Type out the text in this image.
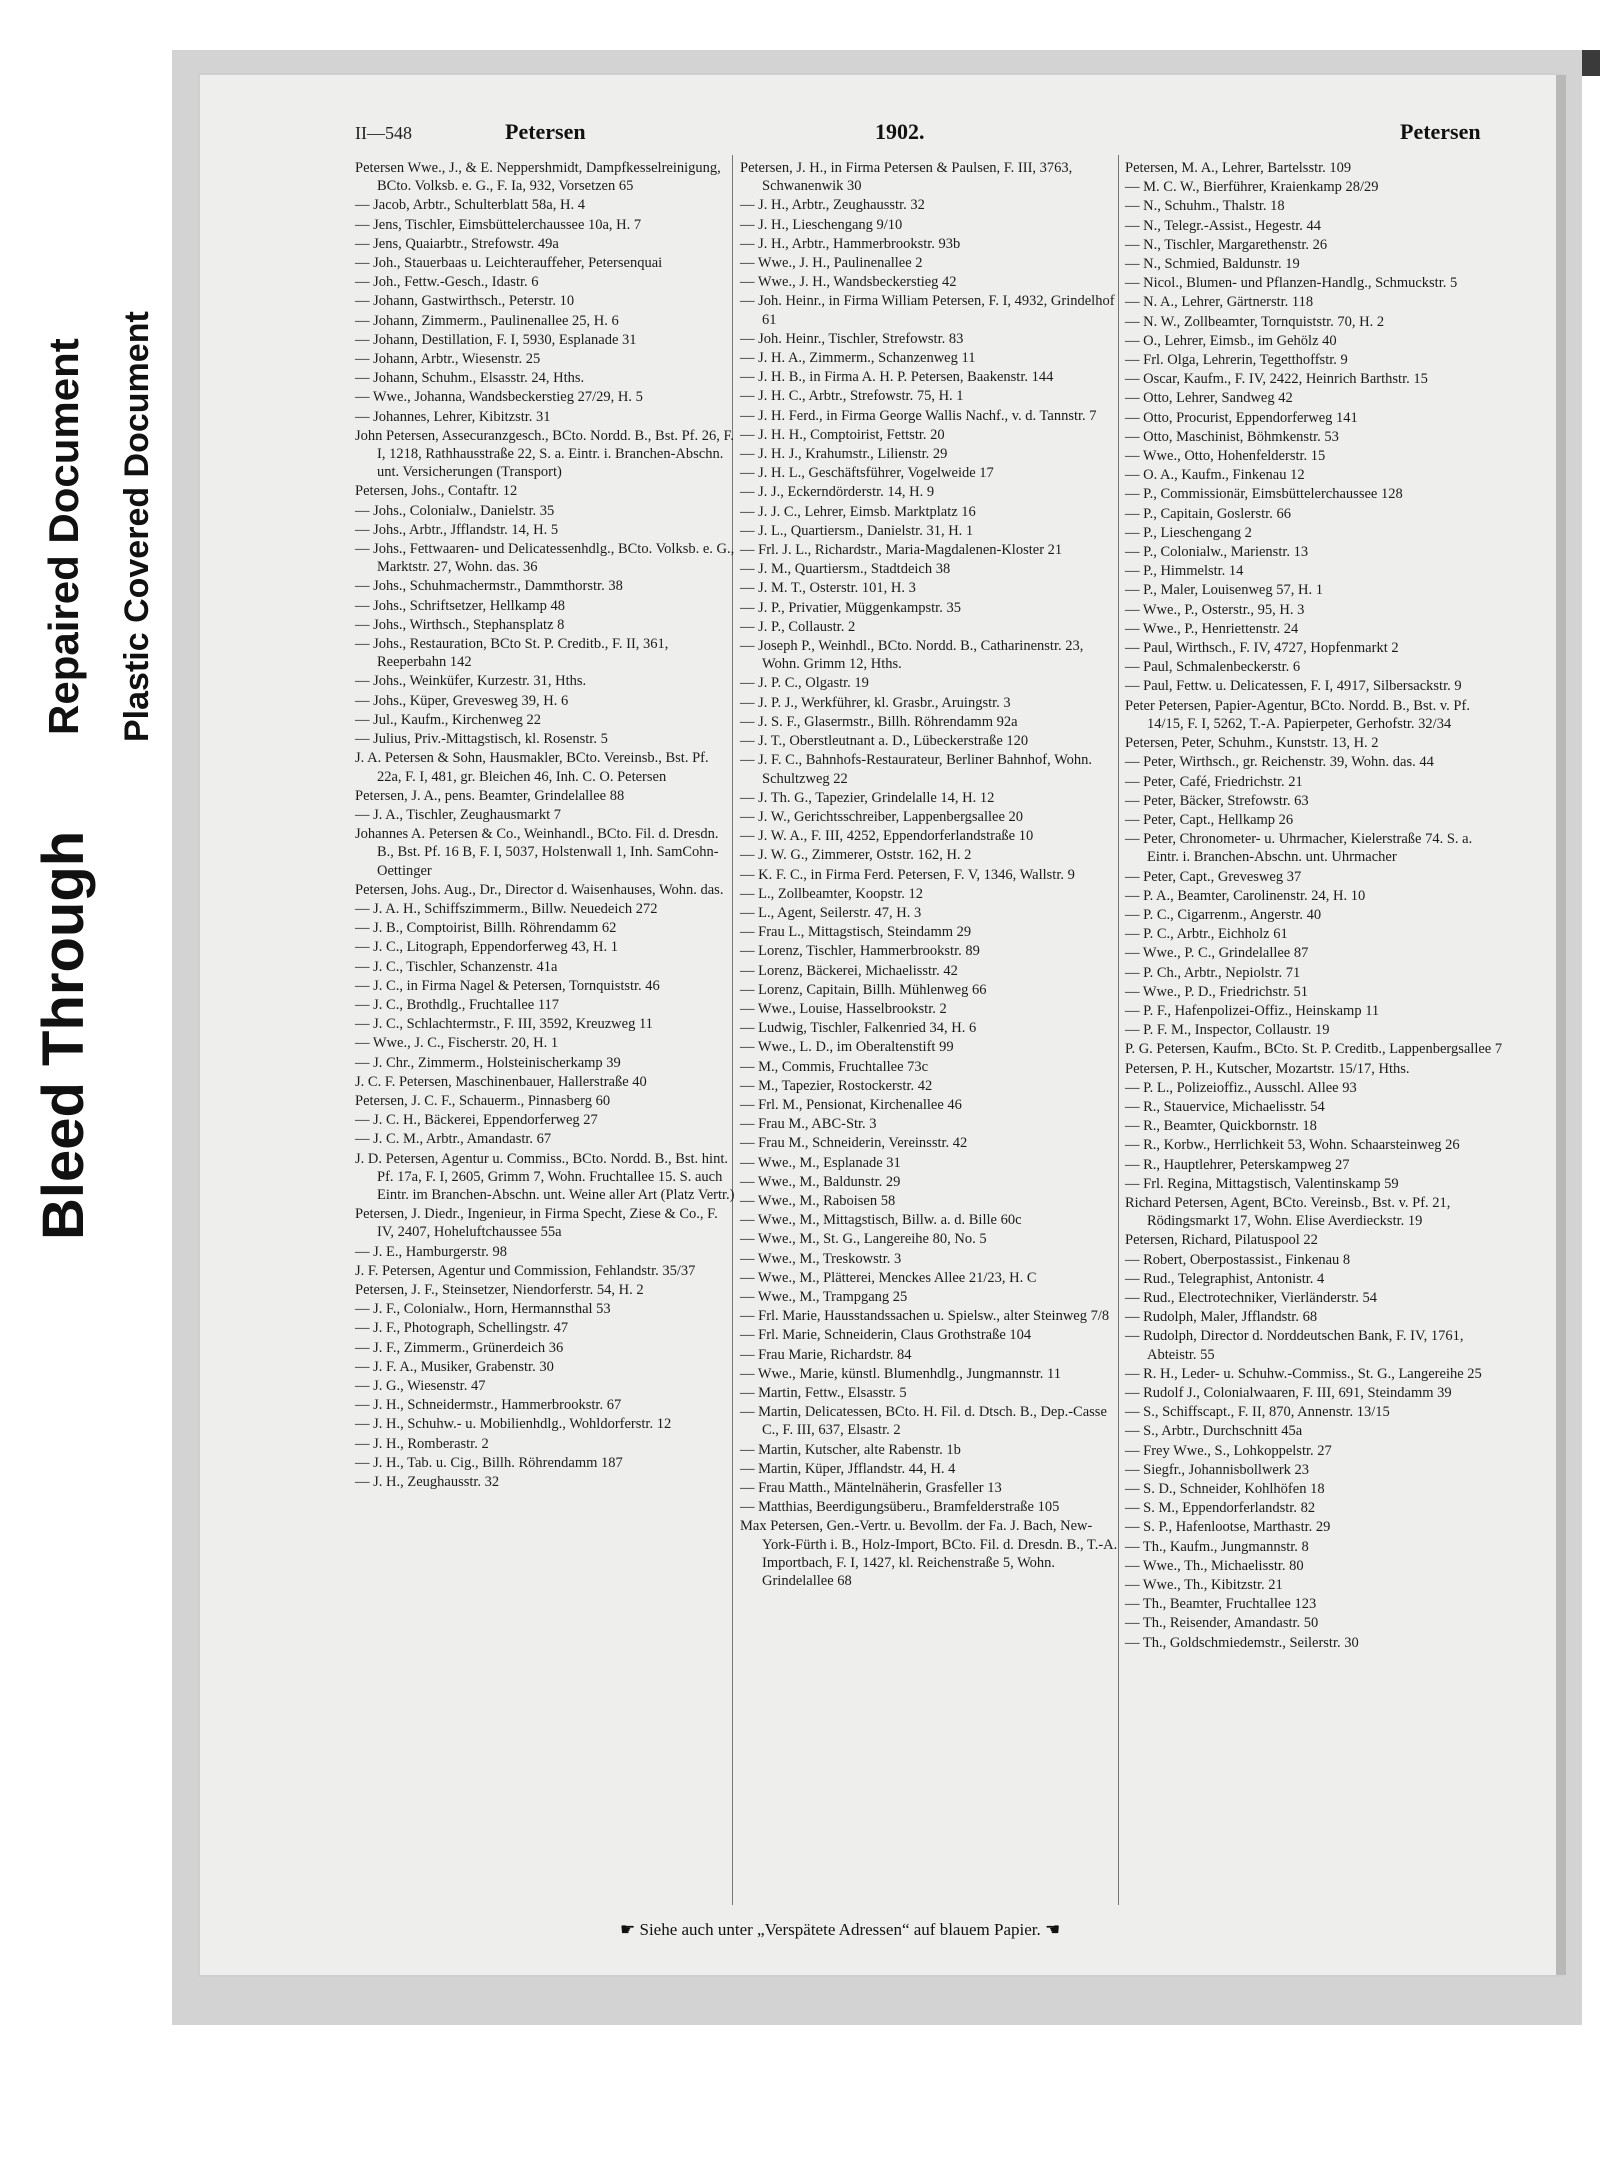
Bleed Through
Repaired Document Plastic Covered Document
II—548	Petersen	1902.	Petersen
Petersen Wwe., J., & E. Neppershmidt, Dampfkesselreinigung, BCto. Volksb. e. G., F. Ia, 932, Vorsetzen 65
— Jacob, Arbtr., Schulterblatt 58a, H. 4
— Jens, Tischler, Eimsbüttelerchaussee 10a, H. 7
— Jens, Quaiarbtr., Strefowstr. 49a
— Joh., Stauerbaas u. Leichterauffeher, Petersenquai
— Joh., Fettw.-Gesch., Idastr. 6
— Johann, Gastwirthsch., Peterstr. 10
— Johann, Zimmerm., Paulinenallee 25, H. 6
— Johann, Destillation, F. I, 5930, Esplanade 31
— Johann, Arbtr., Wiesenstr. 25
— Johann, Schuhm., Elsasstr. 24, Hths.
— Wwe., Johanna, Wandsbeckerstieg 27/29, H. 5
— Johannes, Lehrer, Kibitzstr. 31
John Petersen, Assecuranzgesch., BCto. Nordd. B., Bst. Pf. 26, F. I, 1218, Rathhausstraße 22, S. a. Eintr. i. Branchen-Abschn. unt. Versicherungen (Transport)
Petersen, Johs., Contaftr. 12
— Johs., Colonialw., Danielstr. 35
— Johs., Arbtr., Jfflandstr. 14, H. 5
— Johs., Fettwaaren- und Delicatessenhdlg., BCto. Volksb. e. G., Marktstr. 27, Wohn. das. 36
— Johs., Schuhmachermstr., Dammthorstr. 38
— Johs., Schriftsetzer, Hellkamp 48
— Johs., Wirthsch., Stephansplatz 8
— Johs., Restauration, BCto St. P. Creditb., F. II, 361, Reeperbahn 142
— Johs., Weinküfer, Kurzestr. 31, Hths.
— Johs., Küper, Grevesweg 39, H. 6
— Jul., Kaufm., Kirchenweg 22
— Julius, Priv.-Mittagstisch, kl. Rosenstr. 5
J. A. Petersen & Sohn, Hausmakler, BCto. Vereinsb., Bst. Pf. 22a, F. I, 481, gr. Bleichen 46, Inh. C. O. Petersen
Petersen, J. A., pens. Beamter, Grindelallee 88
— J. A., Tischler, Zeughausmarkt 7
Johannes A. Petersen & Co., Weinhandl., BCto. Fil. d. Dresdn. B., Bst. Pf. 16 B, F. I, 5037, Holstenwall 1, Inh. SamCohn-Oettinger
Petersen, Johs. Aug., Dr., Director d. Waisenhauses, Wohn. das.
— J. A. H., Schiffszimmerm., Billw. Neuedeich 272
— J. B., Comptoirist, Billh. Röhrendamm 62
— J. C., Litograph, Eppendorferweg 43, H. 1
— J. C., Tischler, Schanzenstr. 41a
— J. C., in Firma Nagel & Petersen, Tornquiststr. 46
— J. C., Brothdlg., Fruchtallee 117
— J. C., Schlachtermstr., F. III, 3592, Kreuzweg 11
— Wwe., J. C., Fischerstr. 20, H. 1
— J. Chr., Zimmerm., Holsteinischerkamp 39
J. C. F. Petersen, Maschinenbauer, Hallerstraße 40
Petersen, J. C. F., Schauerm., Pinnasberg 60
— J. C. H., Bäckerei, Eppendorferweg 27
— J. C. M., Arbtr., Amandastr. 67
J. D. Petersen, Agentur u. Commiss., BCto. Nordd. B., Bst. hint. Pf. 17a, F. I, 2605, Grimm 7, Wohn. Fruchtallee 15. S. auch Eintr. im Branchen-Abschn. unt. Weine aller Art (Platz Vertr.)
Petersen, J. Diedr., Ingenieur, in Firma Specht, Ziese & Co., F. IV, 2407, Hoheluftchaussee 55a
— J. E., Hamburgerstr. 98
J. F. Petersen, Agentur und Commission, Fehlandstr. 35/37
Petersen, J. F., Steinsetzer, Niendorferstr. 54, H. 2
— J. F., Colonialw., Horn, Hermannsthal 53
— J. F., Photograph, Schellingstr. 47
— J. F., Zimmerm., Grünerdeich 36
— J. F. A., Musiker, Grabenstr. 30
— J. G., Wiesenstr. 47
— J. H., Schneidermstr., Hammerbrookstr. 67
— J. H., Schuhw.- u. Mobilienhdlg., Wohldorferstr. 12
— J. H., Romberastr. 2
— J. H., Tab. u. Cig., Billh. Röhrendamm 187
— J. H., Zeughausstr. 32
Petersen, J. H., in Firma Petersen & Paulsen, F. III, 3763, Schwanenwik 30
— J. H., Arbtr., Zeughausstr. 32
— J. H., Lieschengang 9/10
— J. H., Arbtr., Hammerbrookstr. 93b
— Wwe., J. H., Paulinenallee 2
— Wwe., J. H., Wandsbeckerstieg 42
— Joh. Heinr., in Firma William Petersen, F. I, 4932, Grindelhof 61
— Joh. Heinr., Tischler, Strefowstr. 83
— J. H. A., Zimmerm., Schanzenweg 11
— J. H. B., in Firma A. H. P. Petersen, Baakenstr. 144
— J. H. C., Arbtr., Strefowstr. 75, H. 1
— J. H. Ferd., in Firma George Wallis Nachf., v. d. Tannstr. 7
— J. H. H., Comptoirist, Fettstr. 20
— J. H. J., Krahumstr., Lilienstr. 29
— J. H. L., Geschäftsführer, Vogelweide 17
— J. J., Eckerndörderstr. 14, H. 9
— J. J. C., Lehrer, Eimsb. Marktplatz 16
— J. L., Quartiersm., Danielstr. 31, H. 1
— Frl. J. L., Richardstr., Maria-Magdalenen-Kloster 21
— J. M., Quartiersm., Stadtdeich 38
— J. M. T., Osterstr. 101, H. 3
— J. P., Privatier, Müggenkampstr. 35
— J. P., Collaustr. 2
— Joseph P., Weinhdl., BCto. Nordd. B., Catharinenstr. 23, Wohn. Grimm 12, Hths.
— J. P. C., Olgastr. 19
— J. P. J., Werkführer, kl. Grasbr., Aruingstr. 3
— J. S. F., Glasermstr., Billh. Röhrendamm 92a
— J. T., Oberstleutnant a. D., Lübeckerstraße 120
— J. F. C., Bahnhofs-Restaurateur, Berliner Bahnhof, Wohn. Schultzweg 22
— J. Th. G., Tapezier, Grindelalle 14, H. 12
— J. W., Gerichtsschreiber, Lappenbergsallee 20
— J. W. A., F. III, 4252, Eppendorferlandstraße 10
— J. W. G., Zimmerer, Oststr. 162, H. 2
— K. F. C., in Firma Ferd. Petersen, F. V, 1346, Wallstr. 9
— L., Zollbeamter, Koopstr. 12
— L., Agent, Seilerstr. 47, H. 3
— Frau L., Mittagstisch, Steindamm 29
— Lorenz, Tischler, Hammerbrookstr. 89
— Lorenz, Bäckerei, Michaelisstr. 42
— Lorenz, Capitain, Billh. Mühlenweg 66
— Wwe., Louise, Hasselbrookstr. 2
— Ludwig, Tischler, Falkenried 34, H. 6
— Wwe., L. D., im Oberaltenstift 99
— M., Commis, Fruchtallee 73c
— M., Tapezier, Rostockerstr. 42
— Frl. M., Pensionat, Kirchenallee 46
— Frau M., ABC-Str. 3
— Frau M., Schneiderin, Vereinsstr. 42
— Wwe., M., Esplanade 31
— Wwe., M., Baldunstr. 29
— Wwe., M., Raboisen 58
— Wwe., M., Mittagstisch, Billw. a. d. Bille 60c
— Wwe., M., St. G., Langereihe 80, No. 5
— Wwe., M., Treskowstr. 3
— Wwe., M., Plätterei, Menckes Allee 21/23, H. C
— Wwe., M., Trampgang 25
— Frl. Marie, Hausstandssachen u. Spielsw., alter Steinweg 7/8
— Frl. Marie, Schneiderin, Claus Grothstraße 104
— Frau Marie, Richardstr. 84
— Wwe., Marie, künstl. Blumenhdlg., Jungmannstr. 11
— Martin, Fettw., Elsasstr. 5
— Martin, Delicatessen, BCto. H. Fil. d. Dtsch. B., Dep.-Casse C., F. III, 637, Elsastr. 2
— Martin, Kutscher, alte Rabenstr. 1b
— Martin, Küper, Jfflandstr. 44, H. 4
— Frau Matth., Mäntelnäherin, Grasfeller 13
— Matthias, Beerdigungsüberu., Bramfelderstraße 105
Max Petersen, Gen.-Vertr. u. Bevollm. der Fa. J. Bach, New-York-Fürth i. B., Holz-Import, BCto. Fil. d. Dresdn. B., T.-A. Importbach, F. I, 1427, kl. Reichenstraße 5, Wohn. Grindelallee 68
Petersen, M. A., Lehrer, Bartelsstr. 109
— M. C. W., Bierführer, Kraienkamp 28/29
— N., Schuhm., Thalstr. 18
— N., Telegr.-Assist., Hegestr. 44
— N., Tischler, Margarethenstr. 26
— N., Schmied, Baldunstr. 19
— Nicol., Blumen- und Pflanzen-Handlg., Schmuckstr. 5
— N. A., Lehrer, Gärtnerstr. 118
— N. W., Zollbeamter, Tornquiststr. 70, H. 2
— O., Lehrer, Eimsb., im Gehölz 40
— Frl. Olga, Lehrerin, Tegetthoffstr. 9
— Oscar, Kaufm., F. IV, 2422, Heinrich Barthstr. 15
— Otto, Lehrer, Sandweg 42
— Otto, Procurist, Eppendorferweg 141
— Otto, Maschinist, Böhmkenstr. 53
— Wwe., Otto, Hohenfelderstr. 15
— O. A., Kaufm., Finkenau 12
— P., Commissionär, Eimsbüttelerchaussee 128
— P., Capitain, Goslerstr. 66
— P., Lieschengang 2
— P., Colonialw., Marienstr. 13
— P., Himmelstr. 14
— P., Maler, Louisenweg 57, H. 1
— Wwe., P., Osterstr., 95, H. 3
— Wwe., P., Henriettenstr. 24
— Paul, Wirthsch., F. IV, 4727, Hopfenmarkt 2
— Paul, Schmalenbeckerstr. 6
— Paul, Fettw. u. Delicatessen, F. I, 4917, Silbersackstr. 9
Peter Petersen, Papier-Agentur, BCto. Nordd. B., Bst. v. Pf. 14/15, F. I, 5262, T.-A. Papierpeter, Gerhofstr. 32/34
Petersen, Peter, Schuhm., Kunststr. 13, H. 2
— Peter, Wirthsch., gr. Reichenstr. 39, Wohn. das. 44
— Peter, Café, Friedrichstr. 21
— Peter, Bäcker, Strefowstr. 63
— Peter, Capt., Hellkamp 26
— Peter, Chronometer- u. Uhrmacher, Kielerstraße 74. S. a. Eintr. i. Branchen-Abschn. unt. Uhrmacher
— Peter, Capt., Grevesweg 37
— P. A., Beamter, Carolinenstr. 24, H. 10
— P. C., Cigarrenm., Angerstr. 40
— P. C., Arbtr., Eichholz 61
— Wwe., P. C., Grindelallee 87
— P. Ch., Arbtr., Nepiolstr. 71
— Wwe., P. D., Friedrichstr. 51
— P. F., Hafenpolizei-Offiz., Heinskamp 11
— P. F. M., Inspector, Collaustr. 19
P. G. Petersen, Kaufm., BCto. St. P. Creditb., Lappenbergsallee 7
Petersen, P. H., Kutscher, Mozartstr. 15/17, Hths.
— P. L., Polizeioffiz., Ausschl. Allee 93
— R., Stauervice, Michaelisstr. 54
— R., Beamter, Quickbornstr. 18
— R., Korbw., Herrlichkeit 53, Wohn. Schaarsteinweg 26
— R., Hauptlehrer, Peterskampweg 27
— Frl. Regina, Mittagstisch, Valentinskamp 59
Richard Petersen, Agent, BCto. Vereinsb., Bst. v. Pf. 21, Rödingsmarkt 17, Wohn. Elise Averdieckstr. 19
Petersen, Richard, Pilatuspool 22
— Robert, Oberpostassist., Finkenau 8
— Rud., Telegraphist, Antonistr. 4
— Rud., Electrotechniker, Vierländerstr. 54
— Rudolph, Maler, Jfflandstr. 68
— Rudolph, Director d. Norddeutschen Bank, F. IV, 1761, Abteistr. 55
— R. H., Leder- u. Schuhw.-Commiss., St. G., Langereihe 25
— Rudolf J., Colonialwaaren, F. III, 691, Steindamm 39
— S., Schiffscapt., F. II, 870, Annenstr. 13/15
— S., Arbtr., Durchschnitt 45a
— Frey Wwe., S., Lohkoppelstr. 27
— Siegfr., Johannisbollwerk 23
— S. D., Schneider, Kohlhöfen 18
— S. M., Eppendorferlandstr. 82
— S. P., Hafenlootse, Marthastr. 29
— Th., Kaufm., Jungmannstr. 8
— Wwe., Th., Michaelisstr. 80
— Wwe., Th., Kibitzstr. 21
— Th., Beamter, Fruchtallee 123
— Th., Reisender, Amandastr. 50
— Th., Goldschmiedemstr., Seilerstr. 30
☛ Siehe auch unter „Verspätete Adressen“ auf blauem Papier. ☚
